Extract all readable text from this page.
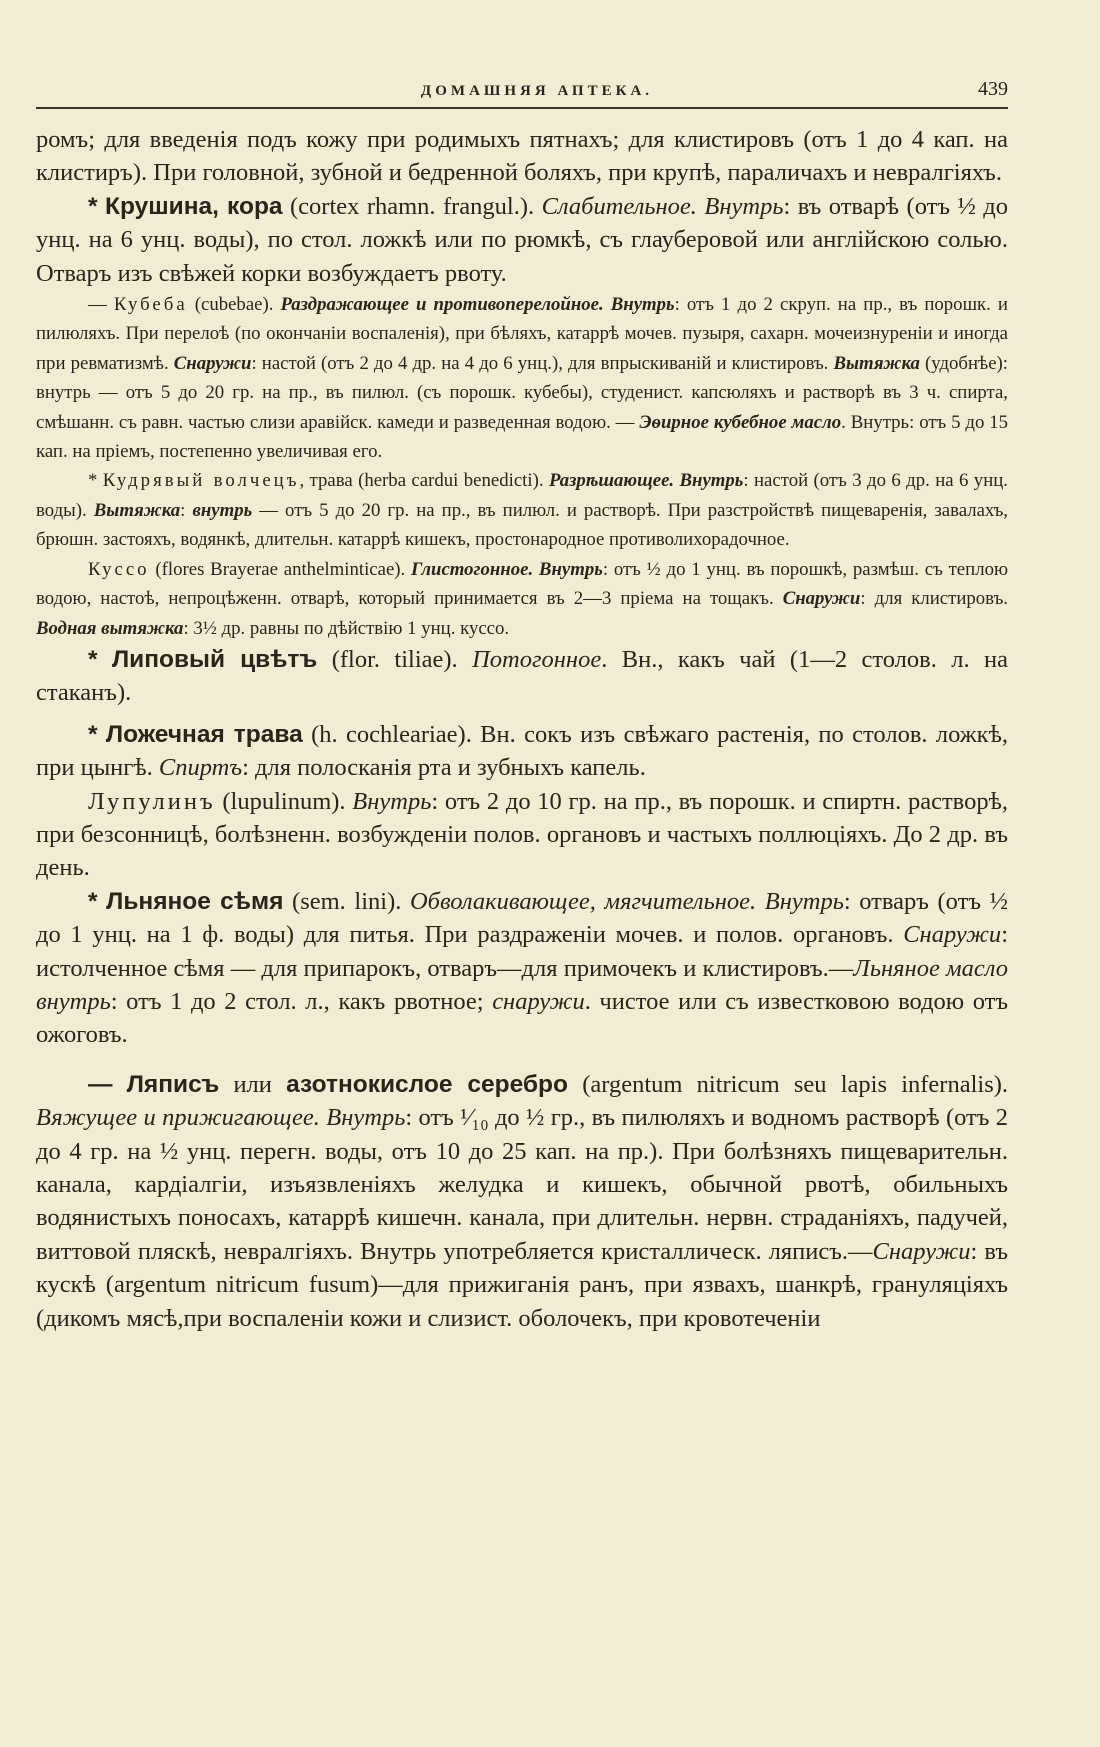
ДОМАШНЯЯ АПТЕКА.	439

ромъ; для введенія подъ кожу при родимыхъ пятнахъ; для клистировъ (отъ 1 до 4 кап. на клистиръ). При головной, зубной и бедренной боляхъ, при крупѣ, параличахъ и невралгіяхъ.

* Крушина, кора (cortex rhamn. frangul.). Слабительное. Внутрь: въ отварѣ (отъ ½ до унц. на 6 унц. воды), по стол. ложкѣ или по рюмкѣ, съ глауберовой или англійскою солью. Отваръ изъ свѣжей корки возбуждаетъ рвоту.

— Кубеба (cubebae). Раздражающее и противоперелойное. Внутрь: отъ 1 до 2 скруп. на пр., въ порошк. и пилюляхъ. При перелоѣ (по окончаніи воспаленія), при бѣляхъ, катаррѣ мочев. пузыря, сахарн. мочеизнуреніи и иногда при ревматизмѣ. Снаружи: настой (отъ 2 до 4 др. на 4 до 6 унц.), для впрыскиваній и клистировъ. Вытяжка (удобнѣе): внутрь — отъ 5 до 20 гр. на пр., въ пилюл. (съ порошк. кубебы), студенист. капсюляхъ и растворѣ въ 3 ч. спирта, смѣшанн. съ равн. частью слизи аравійск. камеди и разведенная водою. — Эѳирное кубебное масло. Внутрь: отъ 5 до 15 кап. на пріемъ, постепенно увеличивая его.

* Кудрявый волчецъ, трава (herba cardui benedicti). Разрѣшающее. Внутрь: настой (отъ 3 до 6 др. на 6 унц. воды). Вытяжка: внутрь — отъ 5 до 20 гр. на пр., въ пилюл. и растворѣ. При разстройствѣ пищеваренія, завалахъ, брюшн. застояхъ, водянкѣ, длительн. катаррѣ кишекъ, простонародное противолихорадочное.

Куссо (flores Brayerae anthelminticae). Глистогонное. Внутрь: отъ ½ до 1 унц. въ порошкѣ, размѣш. съ теплою водою, настоѣ, непроцѣженн. отварѣ, который принимается въ 2—3 пріема на тощакъ. Снаружи: для клистировъ. Водная вытяжка: 3½ др. равны по дѣйствію 1 унц. куссо.

* Липовый цвѣтъ (flor. tiliae). Потогонное. Вн., какъ чай (1—2 столов. л. на стаканъ).

* Ложечная трава (h. cochleariae). Вн. сокъ изъ свѣжаго растенія, по столов. ложкѣ, при цынгѣ. Спиртъ: для полосканія рта и зубныхъ капель.

Лупулинъ (lupulinum). Внутрь: отъ 2 до 10 гр. на пр., въ порошк. и спиртн. растворѣ, при безсонницѣ, болѣзненн. возбужденіи полов. органовъ и частыхъ поллюціяхъ. До 2 др. въ день.

* Льняное сѣмя (sem. lini). Обволакивающее, мягчительное. Внутрь: отваръ (отъ ½ до 1 унц. на 1 ф. воды) для питья. При раздраженіи мочев. и полов. органовъ. Снаружи: истолченное сѣмя — для припарокъ, отваръ—для примочекъ и клистировъ.—Льняное масло внутрь: отъ 1 до 2 стол. л., какъ рвотное; снаружи. чистое или съ известковою водою отъ ожоговъ.

— Ляписъ или азотнокислое серебро (argentum nitricum seu lapis infernalis). Вяжущее и прижигающее. Внутрь: отъ ¹⁄₁₀ до ½ гр., въ пилюляхъ и водномъ растворѣ (отъ 2 до 4 гр. на ½ унц. перегн. воды, отъ 10 до 25 кап. на пр.). При болѣзняхъ пищеварительн. канала, кардіалгіи, изъязвленіяхъ желудка и кишекъ, обычной рвотѣ, обильныхъ водянистыхъ поносахъ, катаррѣ кишечн. канала, при длительн. нервн. страданіяхъ, падучей, виттовой пляскѣ, невралгіяхъ. Внутрь употребляется кристаллическ. ляписъ.—Снаружи: въ кускѣ (argentum nitricum fusum)—для прижиганія ранъ, при язвахъ, шанкрѣ, грануляціяхъ (дикомъ мясѣ,при воспаленіи кожи и слизист. оболочекъ, при кровотеченіи
